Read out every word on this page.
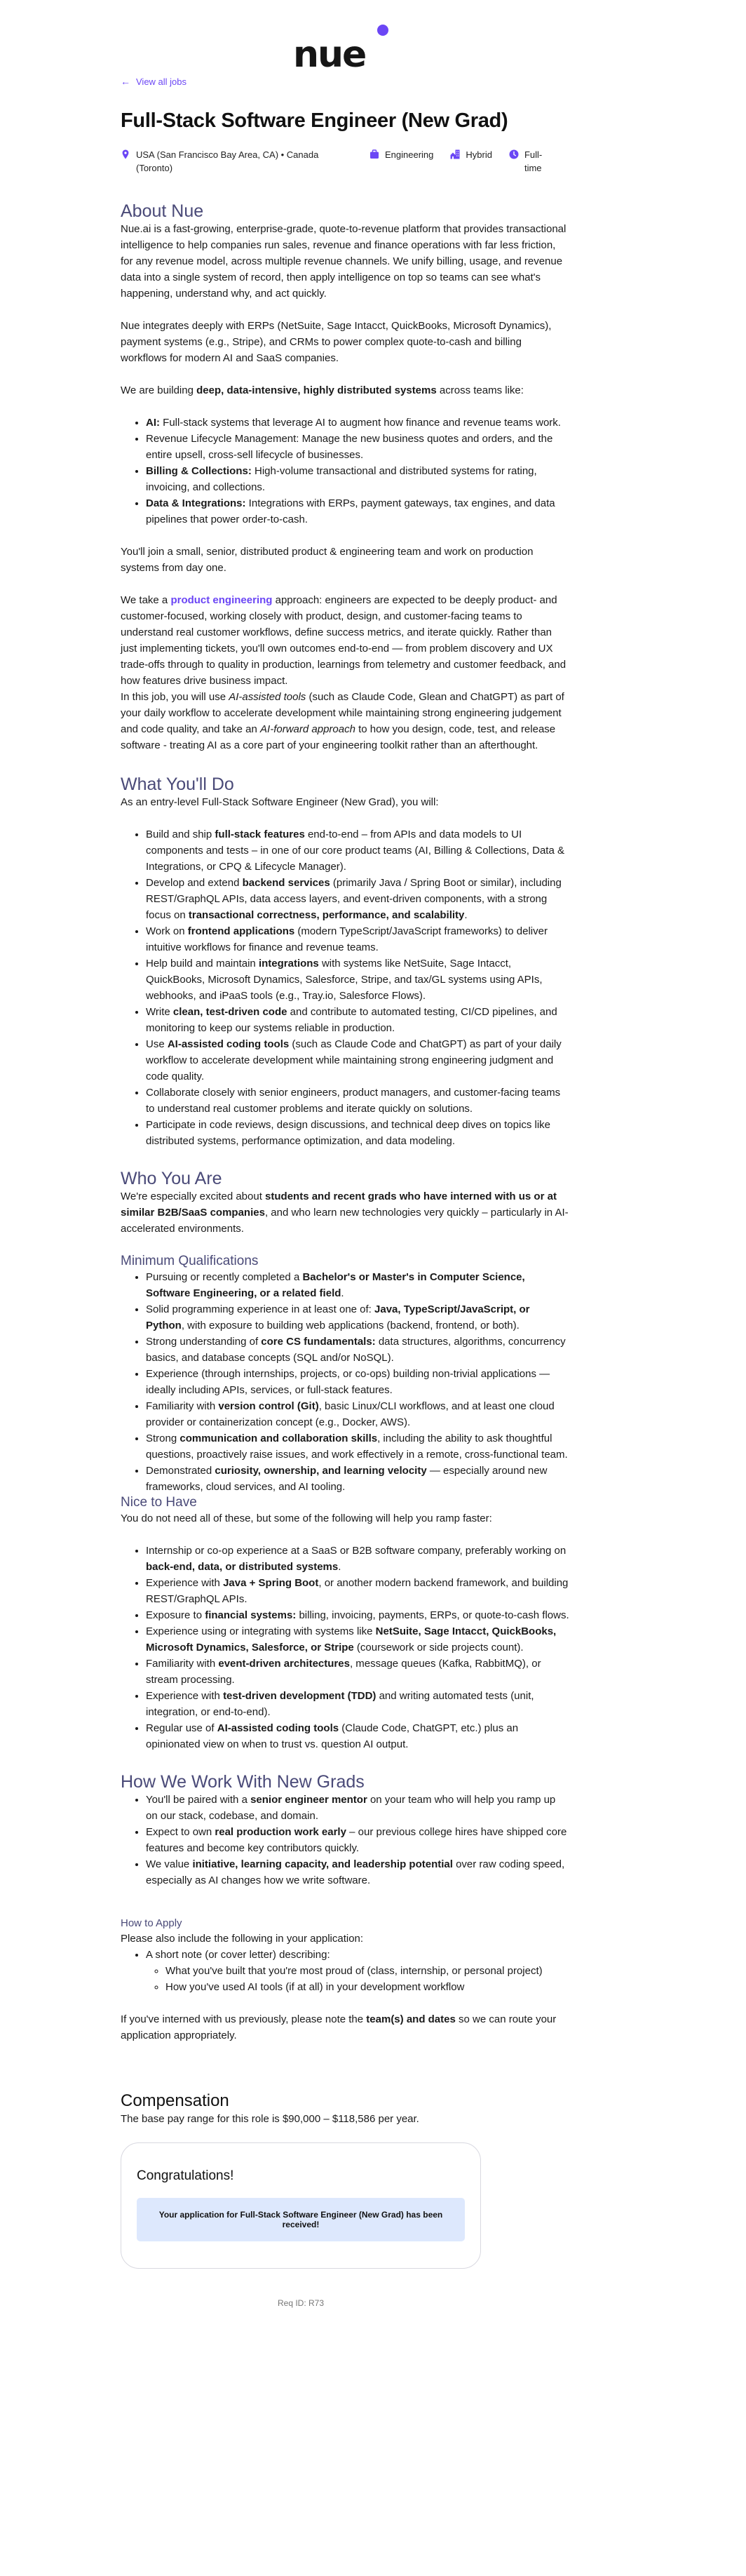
nue
← View all jobs
Full-Stack Software Engineer (New Grad)
USA (San Francisco Bay Area, CA) • Canada (Toronto)
Engineering	Hybrid	Full-time
About Nue

Nue.ai is a fast-growing, enterprise-grade, quote-to-revenue platform that provides transactional intelligence to help companies run sales, revenue and finance operations with far less friction, for any revenue model, across multiple revenue channels. We unify billing, usage, and revenue data into a single system of record, then apply intelligence on top so teams can see what's happening, understand why, and act quickly.

Nue integrates deeply with ERPs (NetSuite, Sage Intacct, QuickBooks, Microsoft Dynamics), payment systems (e.g., Stripe), and CRMs to power complex quote-to-cash and billing workflows for modern AI and SaaS companies.

We are building deep, data-intensive, highly distributed systems across teams like:

• AI: Full-stack systems that leverage AI to augment how finance and revenue teams work.
• Revenue Lifecycle Management: Manage the new business quotes and orders, and the entire upsell, cross-sell lifecycle of businesses.
• Billing & Collections: High-volume transactional and distributed systems for rating, invoicing, and collections.
• Data & Integrations: Integrations with ERPs, payment gateways, tax engines, and data pipelines that power order-to-cash.

You'll join a small, senior, distributed product & engineering team and work on production systems from day one.

We take a product engineering approach: engineers are expected to be deeply product- and customer-focused, working closely with product, design, and customer-facing teams to understand real customer workflows, define success metrics, and iterate quickly. Rather than just implementing tickets, you'll own outcomes end-to-end — from problem discovery and UX trade-offs through to quality in production, learnings from telemetry and customer feedback, and how features drive business impact.

In this job, you will use AI-assisted tools (such as Claude Code, Glean and ChatGPT) as part of your daily workflow to accelerate development while maintaining strong engineering judgement and code quality, and take an AI-forward approach to how you design, code, test, and release software - treating AI as a core part of your engineering toolkit rather than an afterthought.

What You'll Do

As an entry-level Full-Stack Software Engineer (New Grad), you will:

• Build and ship full-stack features end-to-end – from APIs and data models to UI components and tests – in one of our core product teams (AI, Billing & Collections, Data & Integrations, or CPQ & Lifecycle Manager).
• Develop and extend backend services (primarily Java / Spring Boot or similar), including REST/GraphQL APIs, data access layers, and event-driven components, with a strong focus on transactional correctness, performance, and scalability.
• Work on frontend applications (modern TypeScript/JavaScript frameworks) to deliver intuitive workflows for finance and revenue teams.
• Help build and maintain integrations with systems like NetSuite, Sage Intacct, QuickBooks, Microsoft Dynamics, Salesforce, Stripe, and tax/GL systems using APIs, webhooks, and iPaaS tools (e.g., Tray.io, Salesforce Flows).
• Write clean, test-driven code and contribute to automated testing, CI/CD pipelines, and monitoring to keep our systems reliable in production.
• Use AI-assisted coding tools (such as Claude Code and ChatGPT) as part of your daily workflow to accelerate development while maintaining strong engineering judgment and code quality.
• Collaborate closely with senior engineers, product managers, and customer-facing teams to understand real customer problems and iterate quickly on solutions.
• Participate in code reviews, design discussions, and technical deep dives on topics like distributed systems, performance optimization, and data modeling.
Who You Are

We're especially excited about students and recent grads who have interned with us or at similar B2B/SaaS companies, and who learn new technologies very quickly – particularly in AI-accelerated environments.

Minimum Qualifications
• Pursuing or recently completed a Bachelor's or Master's in Computer Science, Software Engineering, or a related field.
• Solid programming experience in at least one of: Java, TypeScript/JavaScript, or Python, with exposure to building web applications (backend, frontend, or both).
• Strong understanding of core CS fundamentals: data structures, algorithms, concurrency basics, and database concepts (SQL and/or NoSQL).
• Experience (through internships, projects, or co-ops) building non-trivial applications — ideally including APIs, services, or full-stack features.
• Familiarity with version control (Git), basic Linux/CLI workflows, and at least one cloud provider or containerization concept (e.g., Docker, AWS).
• Strong communication and collaboration skills, including the ability to ask thoughtful questions, proactively raise issues, and work effectively in a remote, cross-functional team.
• Demonstrated curiosity, ownership, and learning velocity — especially around new frameworks, cloud services, and AI tooling.
Nice to Have

You do not need all of these, but some of the following will help you ramp faster:

• Internship or co-op experience at a SaaS or B2B software company, preferably working on back-end, data, or distributed systems.
• Experience with Java + Spring Boot, or another modern backend framework, and building REST/GraphQL APIs.
• Exposure to financial systems: billing, invoicing, payments, ERPs, or quote-to-cash flows.
• Experience using or integrating with systems like NetSuite, Sage Intacct, QuickBooks, Microsoft Dynamics, Salesforce, or Stripe (coursework or side projects count).
• Familiarity with event-driven architectures, message queues (Kafka, RabbitMQ), or stream processing.
• Experience with test-driven development (TDD) and writing automated tests (unit, integration, or end-to-end).
• Regular use of AI-assisted coding tools (Claude Code, ChatGPT, etc.) plus an opinionated view on when to trust vs. question AI output.
How We Work With New Grads
• You'll be paired with a senior engineer mentor on your team who will help you ramp up on our stack, codebase, and domain.
• Expect to own real production work early – our previous college hires have shipped core features and become key contributors quickly.
• We value initiative, learning capacity, and leadership potential over raw coding speed, especially as AI changes how we write software.
How to Apply

Please also include the following in your application:

• A short note (or cover letter) describing:
◦ What you've built that you're most proud of (class, internship, or personal project)
◦ How you've used AI tools (if at all) in your development workflow

If you've interned with us previously, please note the team(s) and dates so we can route your application appropriately.

Compensation

The base pay range for this role is $90,000 – $118,586 per year.

Congratulations!
Your application for Full-Stack Software Engineer (New Grad) has been received!
Req ID: R73
